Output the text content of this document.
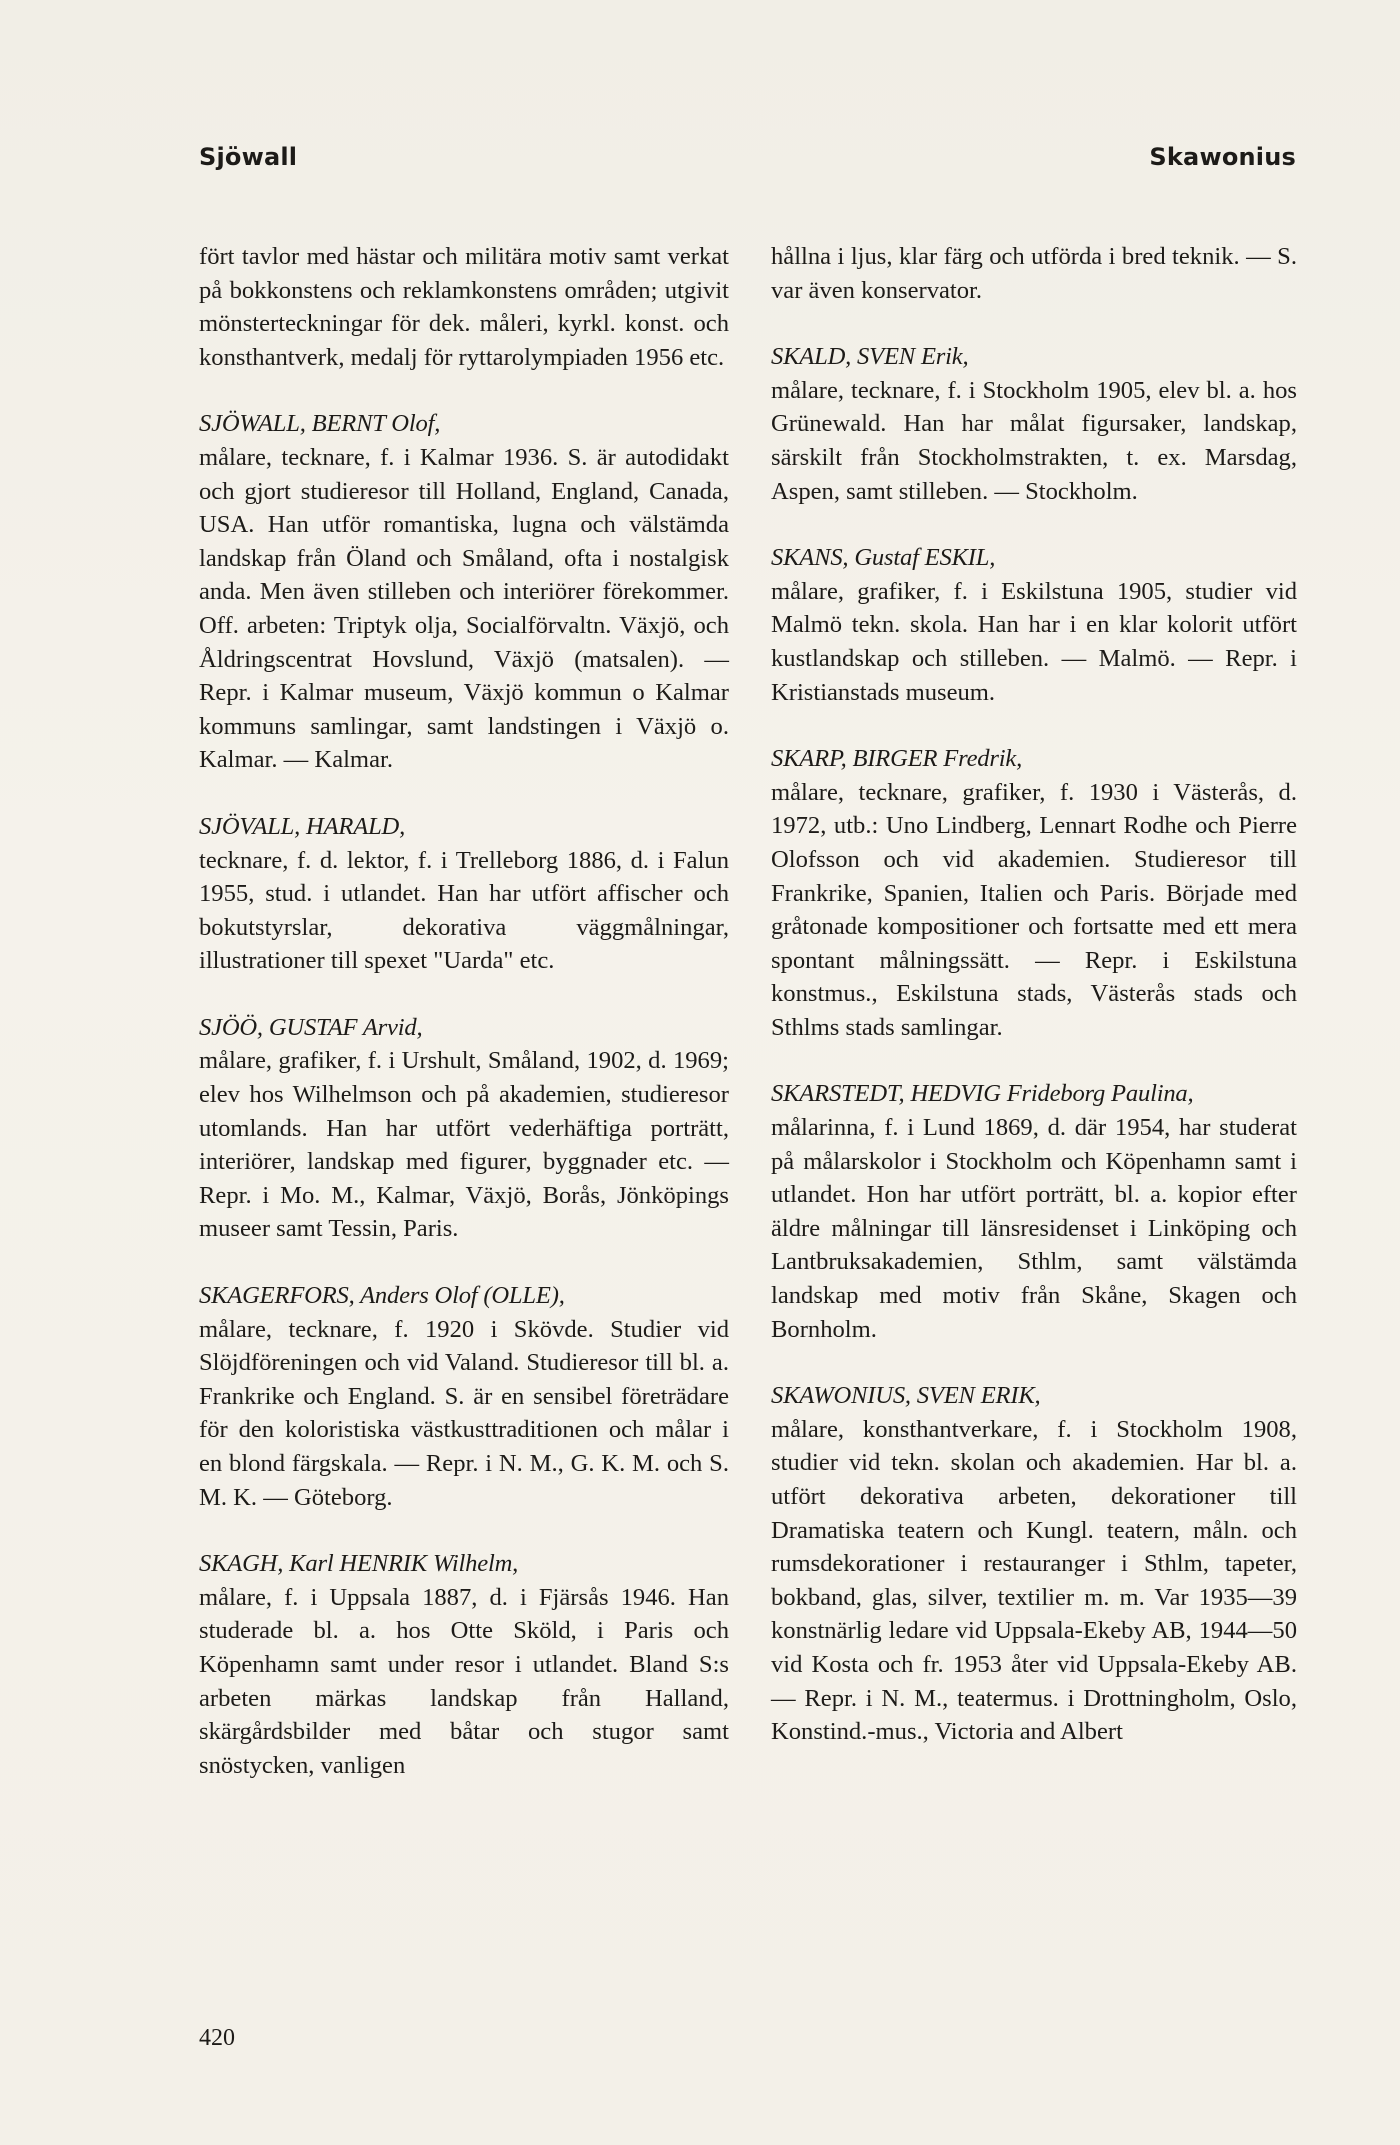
Sjöwall	Skawonius

fört tavlor med hästar och militära motiv samt verkat på bokkonstens och reklamkonstens områden; utgivit mönsterteckningar för dek. måleri, kyrkl. konst. och konsthantverk, medalj för ryttarolympiaden 1956 etc.

SJÖWALL, BERNT Olof,
målare, tecknare, f. i Kalmar 1936. S. är autodidakt och gjort studieresor till Holland, England, Canada, USA. Han utför romantiska, lugna och välstämda landskap från Öland och Småland, ofta i nostalgisk anda. Men även stilleben och interiörer förekommer. Off. arbeten: Triptyk olja, Socialförvaltn. Växjö, och Åldringscentrat Hovslund, Växjö (matsalen). — Repr. i Kalmar museum, Växjö kommun o Kalmar kommuns samlingar, samt landstingen i Växjö o. Kalmar. — Kalmar.

SJÖVALL, HARALD,
tecknare, f. d. lektor, f. i Trelleborg 1886, d. i Falun 1955, stud. i utlandet. Han har utfört affischer och bokutstyrslar, dekorativa väggmålningar, illustrationer till spexet "Uarda" etc.

SJÖÖ, GUSTAF Arvid,
målare, grafiker, f. i Urshult, Småland, 1902, d. 1969; elev hos Wilhelmson och på akademien, studieresor utomlands. Han har utfört vederhäftiga porträtt, interiörer, landskap med figurer, byggnader etc. — Repr. i Mo. M., Kalmar, Växjö, Borås, Jönköpings museer samt Tessin, Paris.

SKAGERFORS, Anders Olof (OLLE),
målare, tecknare, f. 1920 i Skövde. Studier vid Slöjdföreningen och vid Valand. Studieresor till bl. a. Frankrike och England. S. är en sensibel företrädare för den koloristiska västkusttraditionen och målar i en blond färgskala. — Repr. i N. M., G. K. M. och S. M. K. — Göteborg.

SKAGH, Karl HENRIK Wilhelm,
målare, f. i Uppsala 1887, d. i Fjärsås 1946. Han studerade bl. a. hos Otte Sköld, i Paris och Köpenhamn samt under resor i utlandet. Bland S:s arbeten märkas landskap från Halland, skärgårdsbilder med båtar och stugor samt snöstycken, vanligen

hållna i ljus, klar färg och utförda i bred teknik. — S. var även konservator.

SKALD, SVEN Erik,
målare, tecknare, f. i Stockholm 1905, elev bl. a. hos Grünewald. Han har målat figursaker, landskap, särskilt från Stockholmstrakten, t. ex. Marsdag, Aspen, samt stilleben. — Stockholm.

SKANS, Gustaf ESKIL,
målare, grafiker, f. i Eskilstuna 1905, studier vid Malmö tekn. skola. Han har i en klar kolorit utfört kustlandskap och stilleben. — Malmö. — Repr. i Kristianstads museum.

SKARP, BIRGER Fredrik,
målare, tecknare, grafiker, f. 1930 i Västerås, d. 1972, utb.: Uno Lindberg, Lennart Rodhe och Pierre Olofsson och vid akademien. Studieresor till Frankrike, Spanien, Italien och Paris. Började med gråtonade kompositioner och fortsatte med ett mera spontant målningssätt. — Repr. i Eskilstuna konstmus., Eskilstuna stads, Västerås stads och Sthlms stads samlingar.

SKARSTEDT, HEDVIG Frideborg Paulina,
målarinna, f. i Lund 1869, d. där 1954, har studerat på målarskolor i Stockholm och Köpenhamn samt i utlandet. Hon har utfört porträtt, bl. a. kopior efter äldre målningar till länsresidenset i Linköping och Lantbruksakademien, Sthlm, samt välstämda landskap med motiv från Skåne, Skagen och Bornholm.

SKAWONIUS, SVEN ERIK,
målare, konsthantverkare, f. i Stockholm 1908, studier vid tekn. skolan och akademien. Har bl. a. utfört dekorativa arbeten, dekorationer till Dramatiska teatern och Kungl. teatern, måln. och rumsdekorationer i restauranger i Sthlm, tapeter, bokband, glas, silver, textilier m. m. Var 1935—39 konstnärlig ledare vid Uppsala-Ekeby AB, 1944—50 vid Kosta och fr. 1953 åter vid Uppsala-Ekeby AB. — Repr. i N. M., teatermus. i Drottningholm, Oslo, Konstind.-mus., Victoria and Albert

420
